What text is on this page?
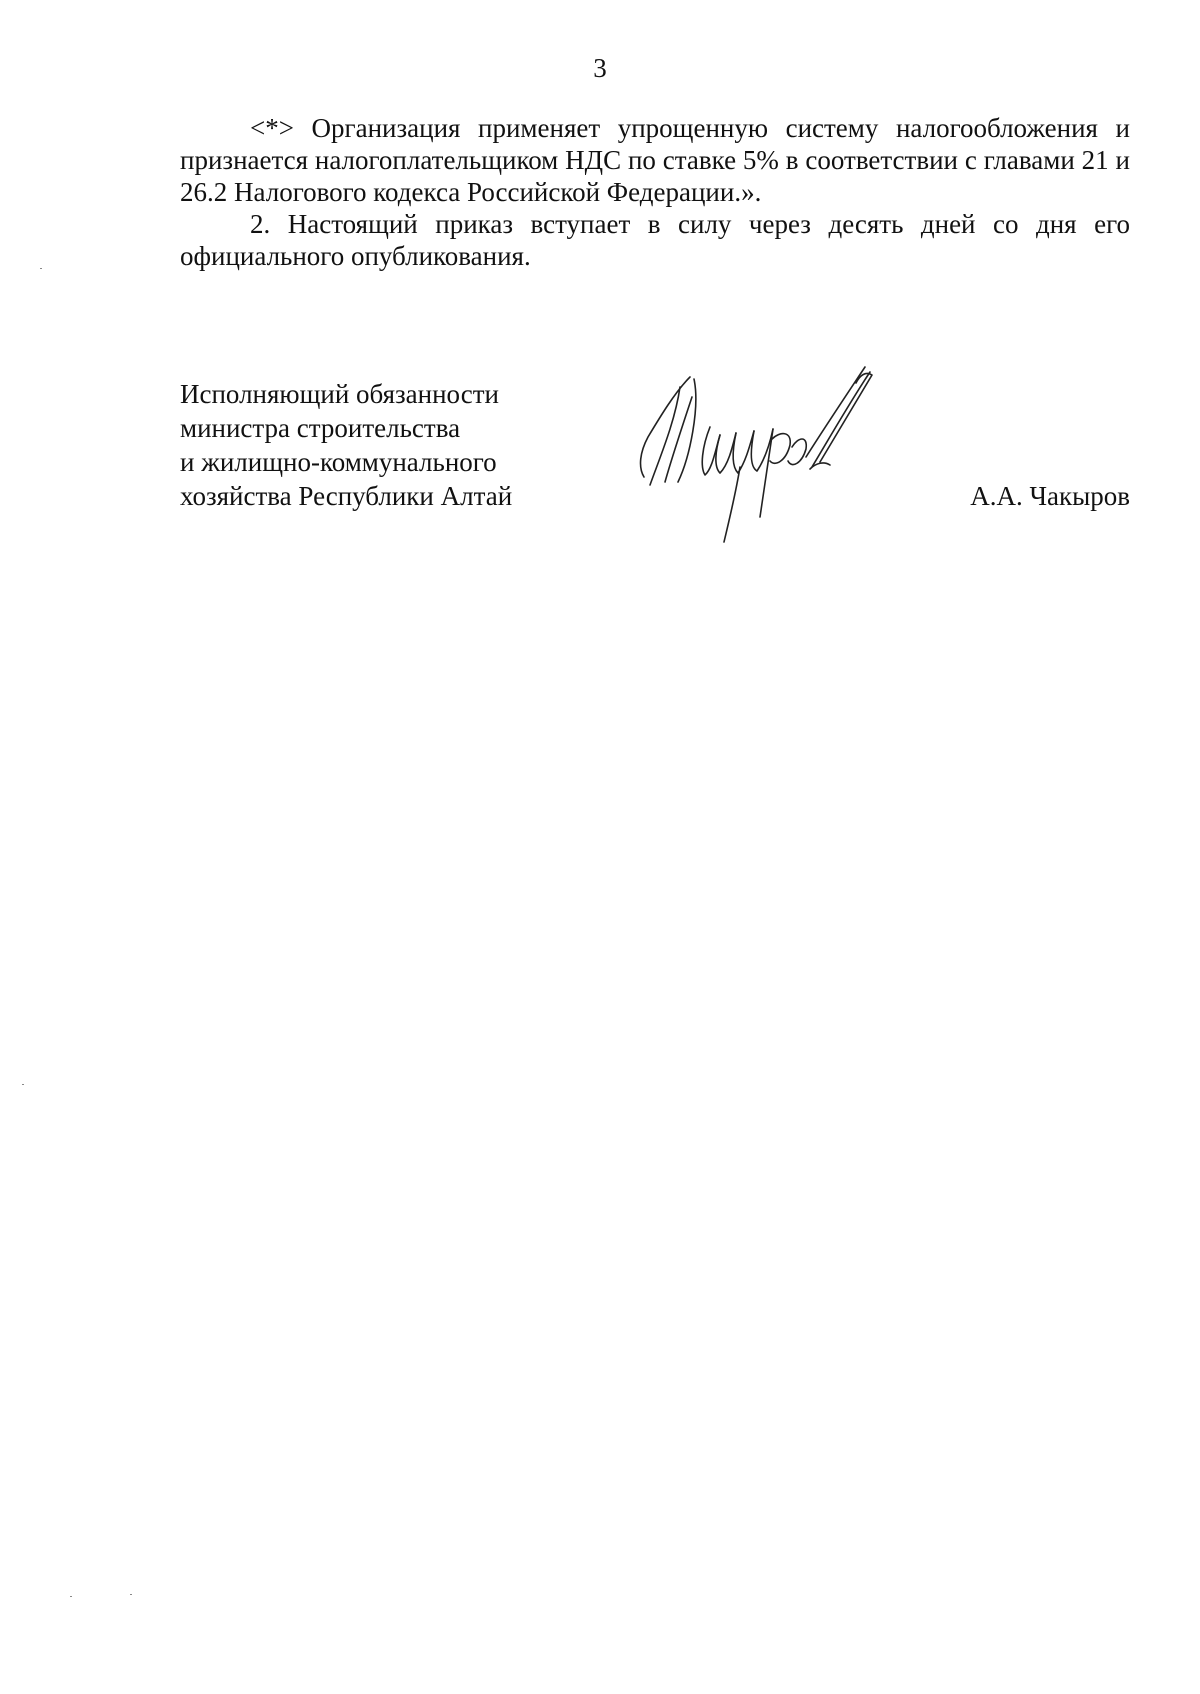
3

<*> Организация применяет упрощенную систему налогообложения и признается налогоплательщиком НДС по ставке 5% в соответствии с главами 21 и 26.2 Налогового кодекса Российской Федерации.».

2. Настоящий приказ вступает в силу через десять дней со дня его официального опубликования.

Исполняющий обязанности
министра строительства
и жилищно-коммунального
хозяйства Республики Алтай	А.А. Чакыров
